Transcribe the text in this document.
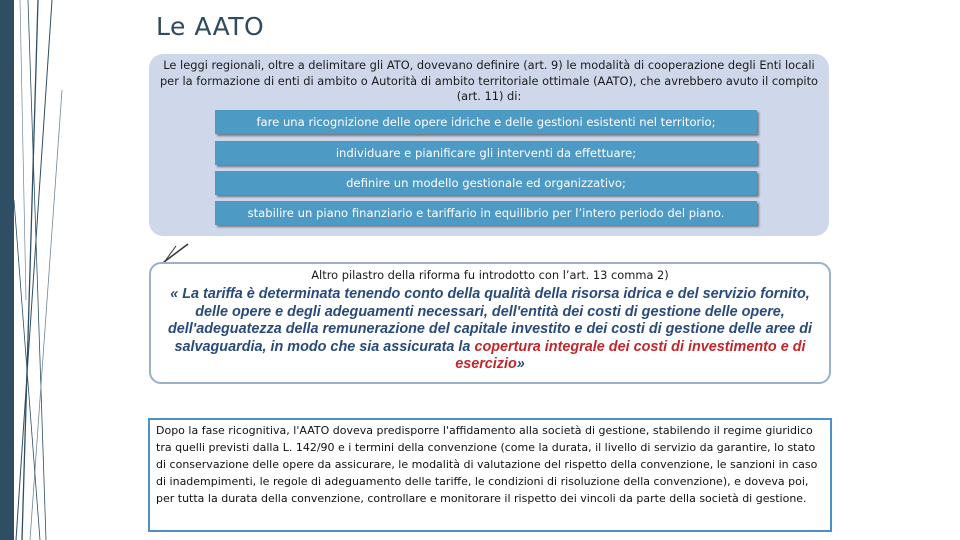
Le AATO
Le leggi regionali, oltre a delimitare gli ATO, dovevano definire (art. 9) le modalità di cooperazione degli Enti locali per la formazione di enti di ambito o Autorità di ambito territoriale ottimale (AATO), che avrebbero avuto il compito (art. 11) di:
fare una ricognizione delle opere idriche e delle gestioni esistenti nel territorio;
individuare e pianificare gli interventi da effettuare;
definire un modello gestionale ed organizzativo;
stabilire un piano finanziario e tariffario in equilibrio per l’intero periodo del piano.
Altro pilastro della riforma fu introdotto con l’art. 13 comma 2)
« La tariffa è determinata tenendo conto della qualità della risorsa idrica e del servizio fornito, delle opere e degli adeguamenti necessari, dell'entità dei costi di gestione delle opere, dell'adeguatezza della remunerazione del capitale investito e dei costi di gestione delle aree di salvaguardia, in modo che sia assicurata la copertura integrale dei costi di investimento e di esercizio»
Dopo la fase ricognitiva, l'AATO doveva predisporre l'affidamento alla società di gestione, stabilendo il regime giuridico tra quelli previsti dalla L. 142/90 e i termini della convenzione (come la durata, il livello di servizio da garantire, lo stato di conservazione delle opere da assicurare, le modalità di valutazione del rispetto della convenzione, le sanzioni in caso di inadempimenti, le regole di adeguamento delle tariffe, le condizioni di risoluzione della convenzione), e doveva poi, per tutta la durata della convenzione, controllare e monitorare il rispetto dei vincoli da parte della società di gestione.
